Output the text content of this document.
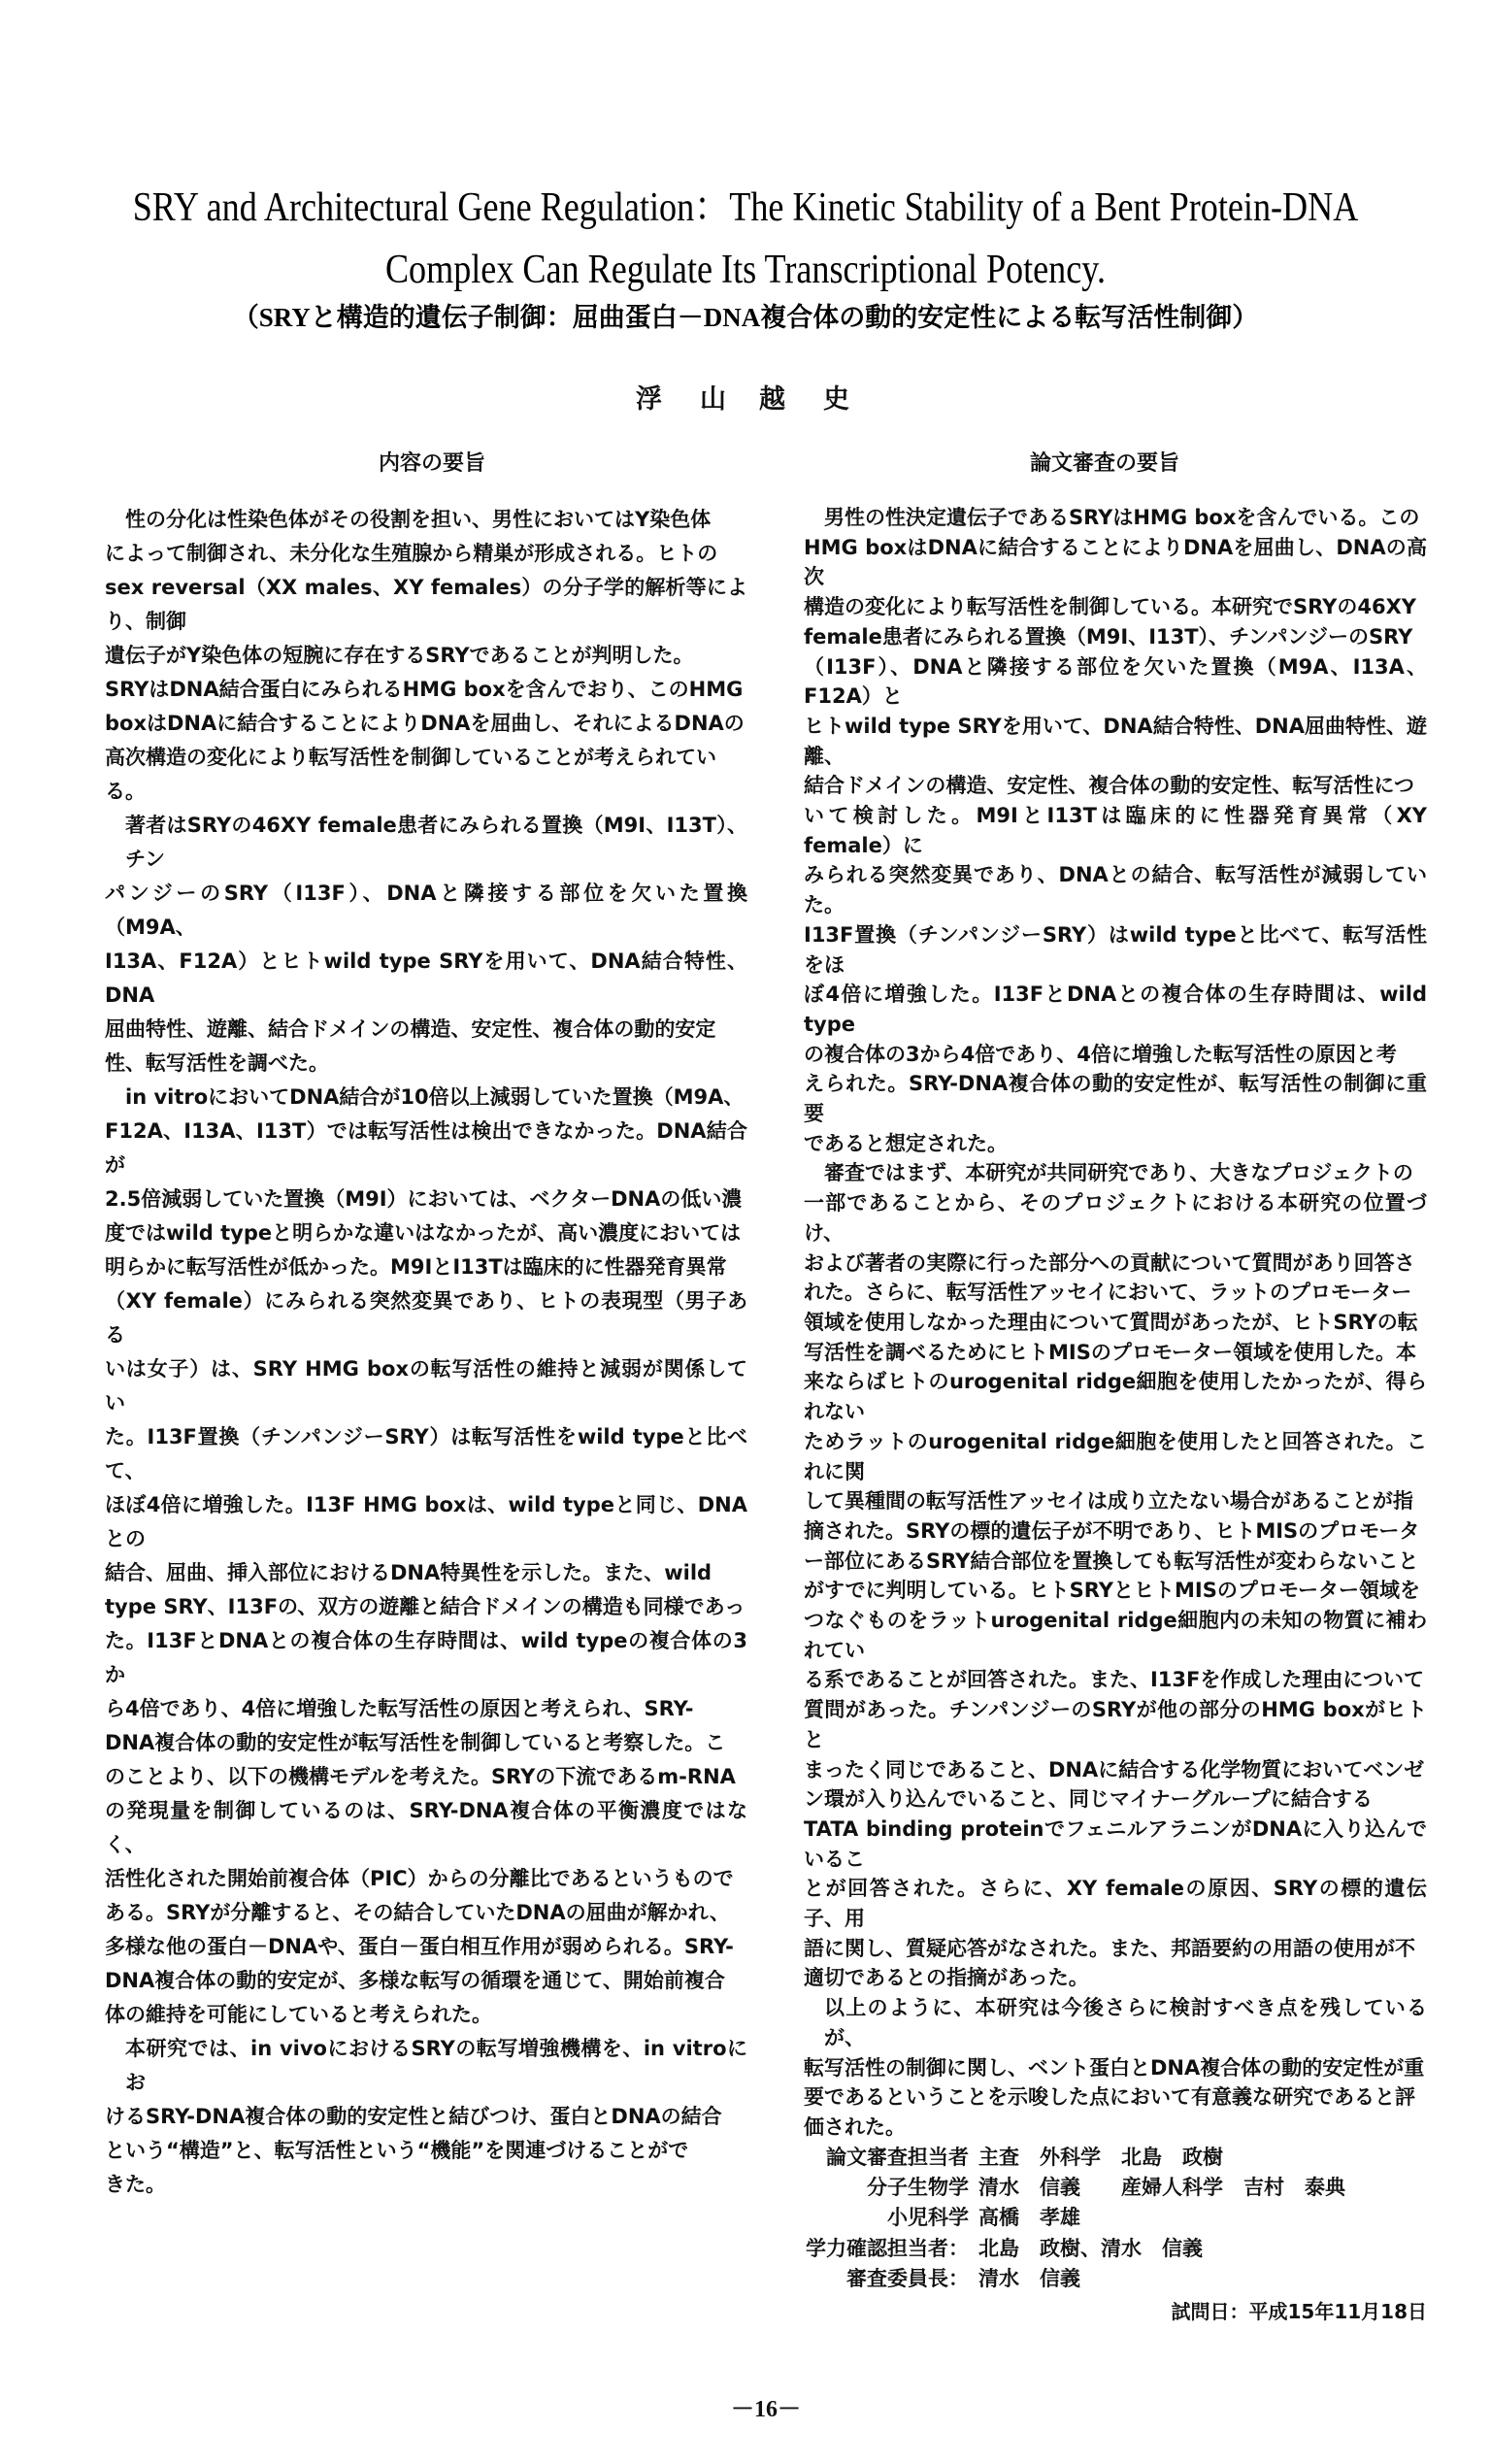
SRY and Architectural Gene Regulation：The Kinetic Stability of a Bent Protein-DNA
Complex Can Regulate Its Transcriptional Potency.
（SRYと構造的遺伝子制御：屈曲蛋白－DNA複合体の動的安定性による転写活性制御）
浮　山 越　史
内容の要旨	論文審査の要旨
性の分化は性染色体がその役割を担い、男性においてはY染色体
によって制御され、未分化な生殖腺から精巣が形成される。ヒトの
sex reversal（XX males、XY females）の分子学的解析等により、制御
遺伝子がY染色体の短腕に存在するSRYであることが判明した。
SRYはDNA結合蛋白にみられるHMG boxを含んでおり、このHMG
boxはDNAに結合することによりDNAを屈曲し、それによるDNAの
高次構造の変化により転写活性を制御していることが考えられてい
る。
著者はSRYの46XY female患者にみられる置換（M9I、I13T）、チン
パンジーのSRY（I13F）、DNAと隣接する部位を欠いた置換（M9A、
I13A、F12A）とヒトwild type SRYを用いて、DNA結合特性、DNA
屈曲特性、遊離、結合ドメインの構造、安定性、複合体の動的安定
性、転写活性を調べた。
in vitroにおいてDNA結合が10倍以上減弱していた置換（M9A、
F12A、I13A、I13T）では転写活性は検出できなかった。DNA結合が
2.5倍減弱していた置換（M9I）においては、ベクターDNAの低い濃
度ではwild typeと明らかな違いはなかったが、高い濃度においては
明らかに転写活性が低かった。M9IとI13Tは臨床的に性器発育異常
（XY female）にみられる突然変異であり、ヒトの表現型（男子ある
いは女子）は、SRY HMG boxの転写活性の維持と減弱が関係してい
た。I13F置換（チンパンジーSRY）は転写活性をwild typeと比べて、
ほぼ4倍に増強した。I13F HMG boxは、wild typeと同じ、DNAとの
結合、屈曲、挿入部位におけるDNA特異性を示した。また、wild
type SRY、I13Fの、双方の遊離と結合ドメインの構造も同様であっ
た。I13FとDNAとの複合体の生存時間は、wild typeの複合体の3か
ら4倍であり、4倍に増強した転写活性の原因と考えられ、SRY-
DNA複合体の動的安定性が転写活性を制御していると考察した。こ
のことより、以下の機構モデルを考えた。SRYの下流であるm-RNA
の発現量を制御しているのは、SRY-DNA複合体の平衡濃度ではなく、
活性化された開始前複合体（PIC）からの分離比であるというもので
ある。SRYが分離すると、その結合していたDNAの屈曲が解かれ、
多様な他の蛋白－DNAや、蛋白－蛋白相互作用が弱められる。SRY-
DNA複合体の動的安定が、多様な転写の循環を通じて、開始前複合
体の維持を可能にしていると考えられた。
本研究では、in vivoにおけるSRYの転写増強機構を、in vitroにお
けるSRY-DNA複合体の動的安定性と結びつけ、蛋白とDNAの結合
という“構造”と、転写活性という“機能”を関連づけることがで
きた。
男性の性決定遺伝子であるSRYはHMG boxを含んでいる。この
HMG boxはDNAに結合することによりDNAを屈曲し、DNAの高次
構造の変化により転写活性を制御している。本研究でSRYの46XY
female患者にみられる置換（M9I、I13T）、チンパンジーのSRY
（I13F）、DNAと隣接する部位を欠いた置換（M9A、I13A、F12A）と
ヒトwild type SRYを用いて、DNA結合特性、DNA屈曲特性、遊離、
結合ドメインの構造、安定性、複合体の動的安定性、転写活性につ
いて検討した。M9IとI13Tは臨床的に性器発育異常（XY female）に
みられる突然変異であり、DNAとの結合、転写活性が減弱していた。
I13F置換（チンパンジーSRY）はwild typeと比べて、転写活性をほ
ぼ4倍に増強した。I13FとDNAとの複合体の生存時間は、wild type
の複合体の3から4倍であり、4倍に増強した転写活性の原因と考
えられた。SRY-DNA複合体の動的安定性が、転写活性の制御に重要
であると想定された。
審査ではまず、本研究が共同研究であり、大きなプロジェクトの
一部であることから、そのプロジェクトにおける本研究の位置づけ、
および著者の実際に行った部分への貢献について質問があり回答さ
れた。さらに、転写活性アッセイにおいて、ラットのプロモーター
領域を使用しなかった理由について質問があったが、ヒトSRYの転
写活性を調べるためにヒトMISのプロモーター領域を使用した。本
来ならばヒトのurogenital ridge細胞を使用したかったが、得られない
ためラットのurogenital ridge細胞を使用したと回答された。これに関
して異種間の転写活性アッセイは成り立たない場合があることが指
摘された。SRYの標的遺伝子が不明であり、ヒトMISのプロモータ
ー部位にあるSRY結合部位を置換しても転写活性が変わらないこと
がすでに判明している。ヒトSRYとヒトMISのプロモーター領域を
つなぐものをラットurogenital ridge細胞内の未知の物質に補われてい
る系であることが回答された。また、I13Fを作成した理由について
質問があった。チンパンジーのSRYが他の部分のHMG boxがヒトと
まったく同じであること、DNAに結合する化学物質においてベンゼ
ン環が入り込んでいること、同じマイナーグループに結合する
TATA binding proteinでフェニルアラニンがDNAに入り込んでいるこ
とが回答された。さらに、XY femaleの原因、SRYの標的遺伝子、用
語に関し、質疑応答がなされた。また、邦語要約の用語の使用が不
適切であるとの指摘があった。
以上のように、本研究は今後さらに検討すべき点を残しているが、
転写活性の制御に関し、ベント蛋白とDNA複合体の動的安定性が重
要であるということを示唆した点において有意義な研究であると評
価された。
論文審査担当者 主査　外科学　北島　政樹
分子生物学 清水　信義　　産婦人科学　吉村　泰典
小児科学 高橋　孝雄
学力確認担当者： 北島　政樹、清水　信義
審査委員長： 清水　信義
試問日：平成15年11月18日
－16－
